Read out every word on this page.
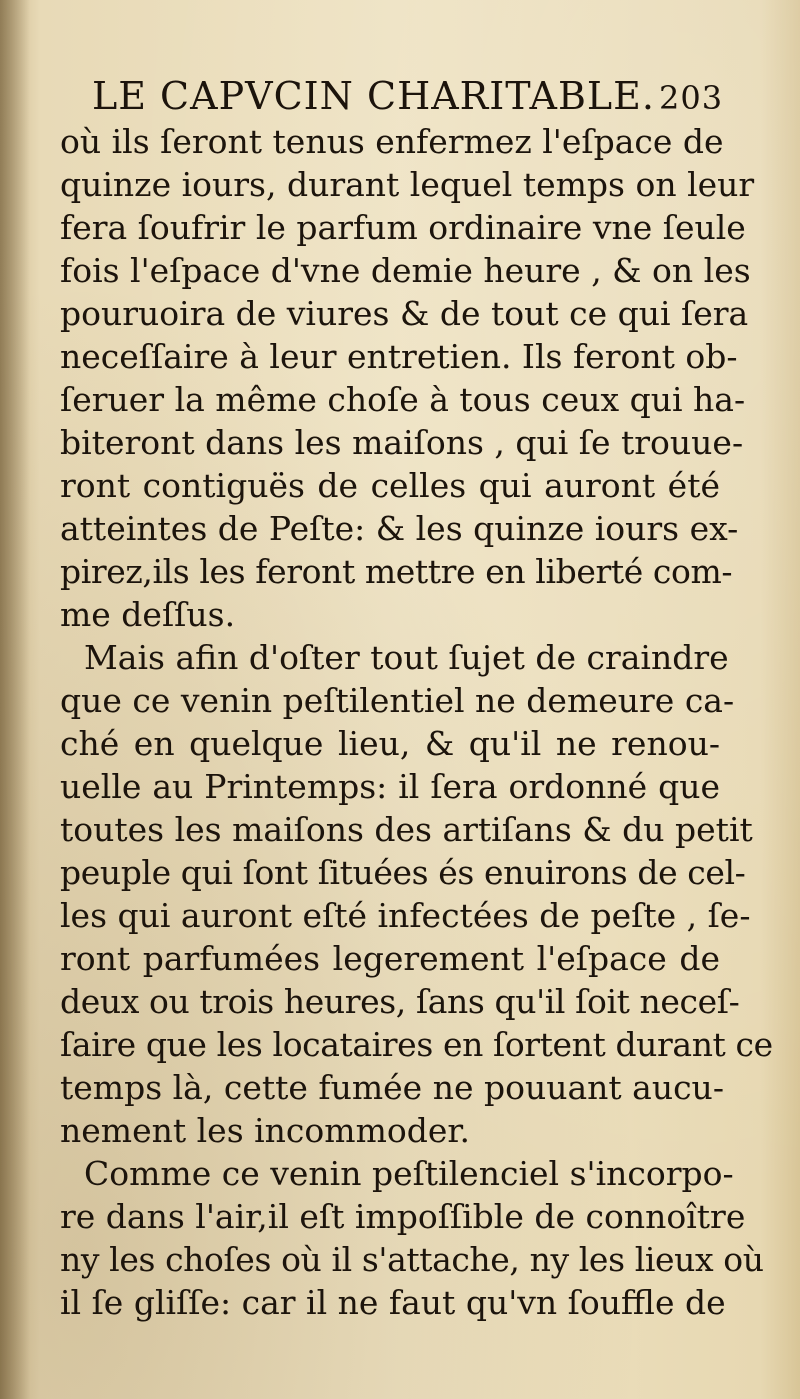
LE CAPVCIN CHARITABLE. 203
où ils ſeront tenus enfermez l'eſpace de
quinze iours, durant lequel temps on leur
fera ſoufrir le parfum ordinaire vne ſeule
fois l'eſpace d'vne demie heure , & on les
pouruoira de viures & de tout ce qui ſera
neceſſaire à leur entretien. Ils feront ob-
ſeruer la même choſe à tous ceux qui ha-
biteront dans les maiſons , qui ſe trouue-
ront contiguës de celles qui auront été
atteintes de Peſte: & les quinze iours ex-
pirez,ils les feront mettre en liberté com-
me deſſus.
Mais afin d'oſter tout ſujet de craindre
que ce venin peſtilentiel ne demeure ca-
ché en quelque lieu, & qu'il ne renou-
uelle au Printemps: il ſera ordonné que
toutes les maiſons des artiſans & du petit
peuple qui ſont ſituées és enuirons de cel-
les qui auront eſté infectées de peſte , ſe-
ront parfumées legerement l'eſpace de
deux ou trois heures, ſans qu'il ſoit neceſ-
ſaire que les locataires en ſortent durant ce
temps là, cette fumée ne pouuant aucu-
nement les incommoder.
Comme ce venin peſtilenciel s'incorpo-
re dans l'air,il eſt impoſſible de connoître
ny les choſes où il s'attache, ny les lieux où
il ſe gliſſe: car il ne faut qu'vn ſouffle de
